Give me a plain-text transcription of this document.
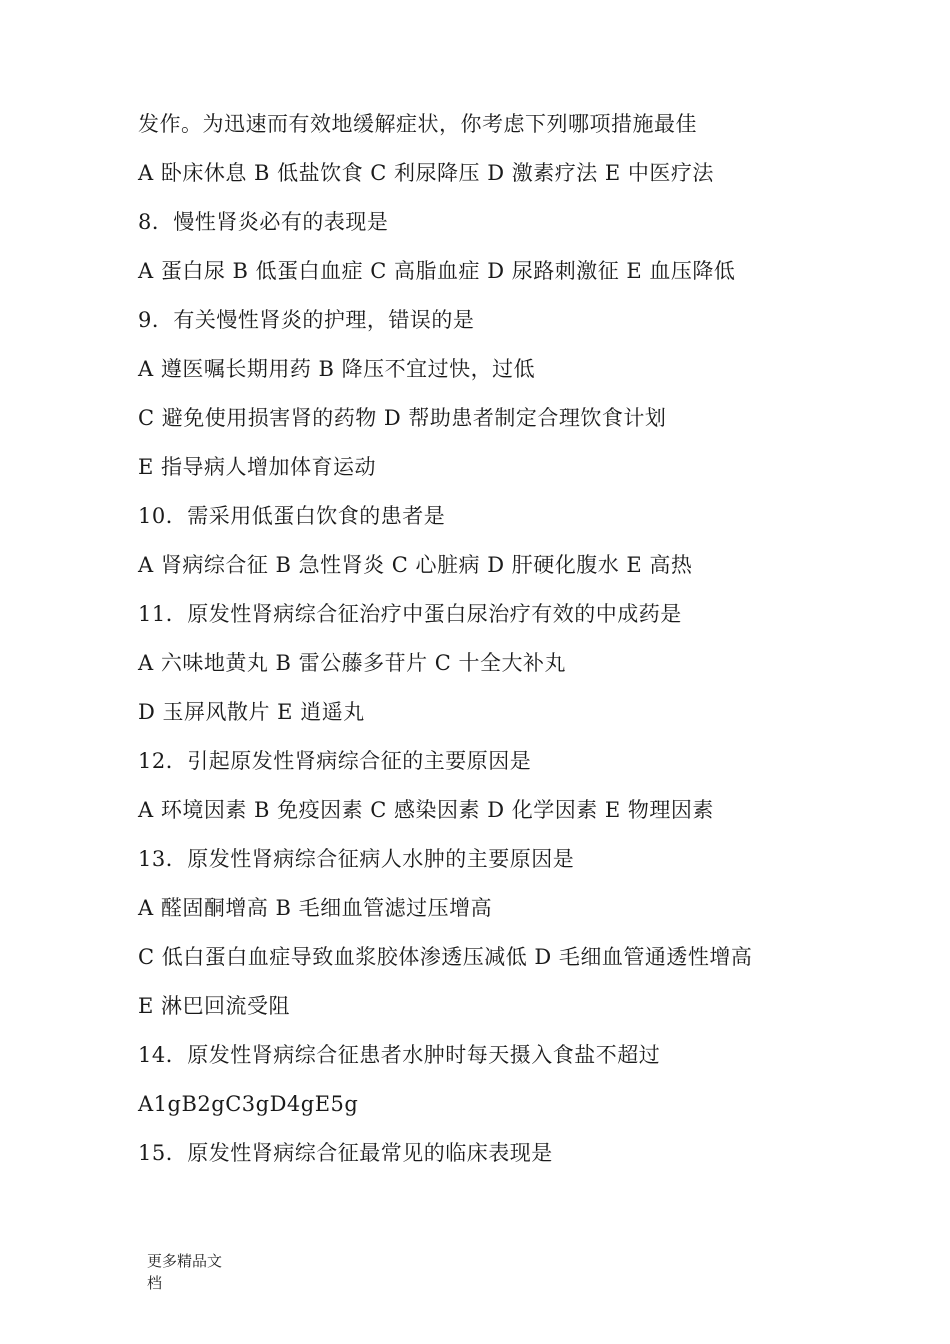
发作。为迅速而有效地缓解症状，你考虑下列哪项措施最佳
A 卧床休息 B 低盐饮食 C 利尿降压 D 激素疗法 E 中医疗法
8．慢性肾炎必有的表现是
A 蛋白尿 B 低蛋白血症 C 高脂血症 D 尿路刺激征 E 血压降低
9．有关慢性肾炎的护理，错误的是
A 遵医嘱长期用药 B 降压不宜过快，过低
C 避免使用损害肾的药物 D 帮助患者制定合理饮食计划
E 指导病人增加体育运动
10．需采用低蛋白饮食的患者是
A 肾病综合征 B 急性肾炎 C 心脏病 D 肝硬化腹水 E 高热
11．原发性肾病综合征治疗中蛋白尿治疗有效的中成药是
A 六味地黄丸 B 雷公藤多苷片 C 十全大补丸
D 玉屏风散片 E 逍遥丸
12．引起原发性肾病综合征的主要原因是
A 环境因素 B 免疫因素 C 感染因素 D 化学因素 E 物理因素
13．原发性肾病综合征病人水肿的主要原因是
A 醛固酮增高 B 毛细血管滤过压增高
C 低白蛋白血症导致血浆胶体渗透压减低 D 毛细血管通透性增高
E 淋巴回流受阻
14．原发性肾病综合征患者水肿时每天摄入食盐不超过
A1gB2gC3gD4gE5g
15．原发性肾病综合征最常见的临床表现是
更多精品文
档
